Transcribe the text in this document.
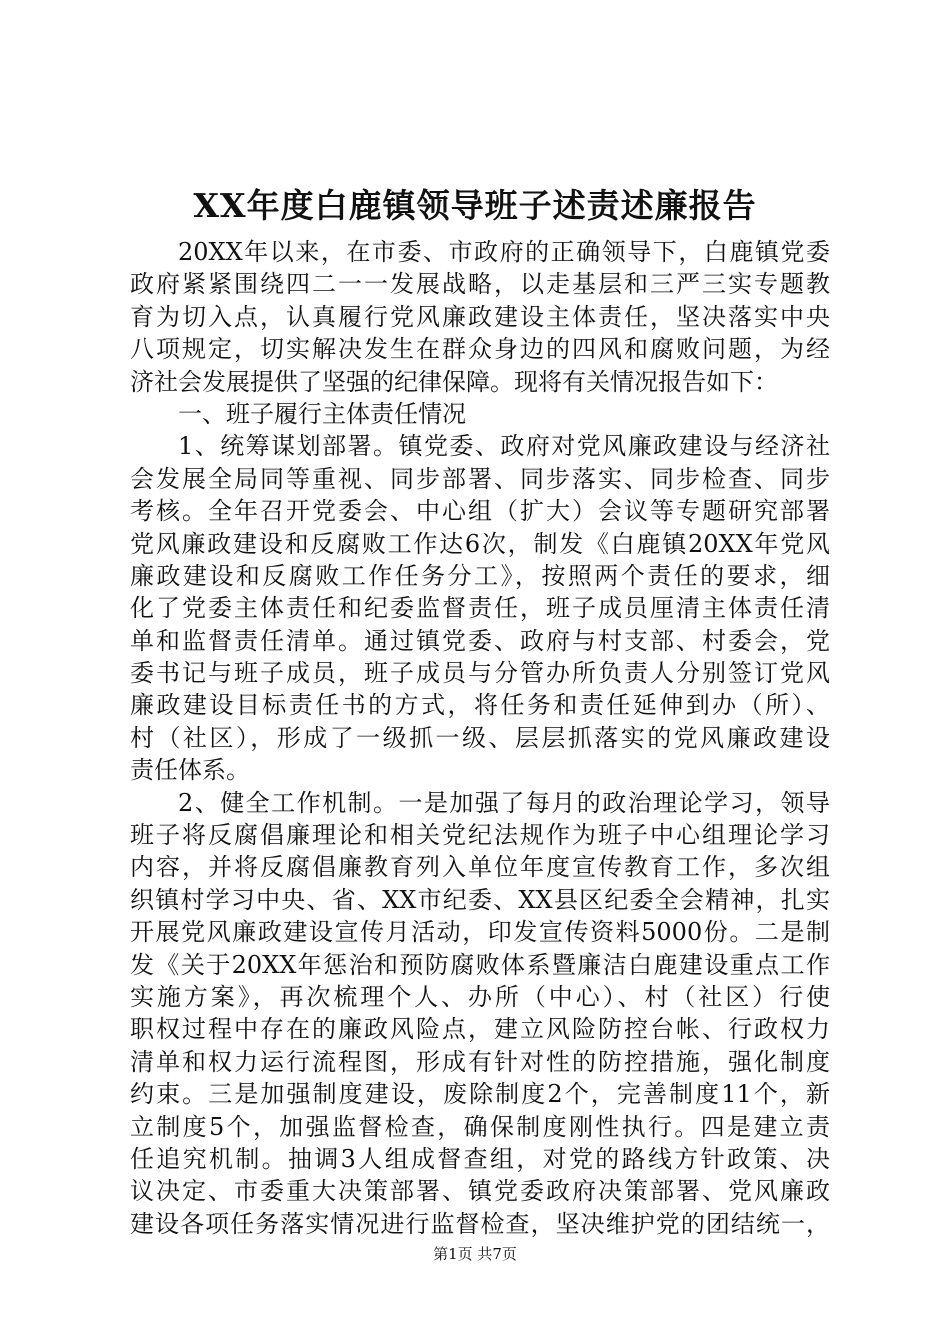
XX年度白鹿镇领导班子述责述廉报告
20XX年以来，在市委、市政府的正确领导下，白鹿镇党委
政府紧紧围绕四二一一发展战略，以走基层和三严三实专题教
育为切入点，认真履行党风廉政建设主体责任，坚决落实中央
八项规定，切实解决发生在群众身边的四风和腐败问题，为经
济社会发展提供了坚强的纪律保障。现将有关情况报告如下：
一、班子履行主体责任情况
1、统筹谋划部署。镇党委、政府对党风廉政建设与经济社
会发展全局同等重视、同步部署、同步落实、同步检查、同步
考核。全年召开党委会、中心组（扩大）会议等专题研究部署
党风廉政建设和反腐败工作达6次，制发《白鹿镇20XX年党风
廉政建设和反腐败工作任务分工》，按照两个责任的要求，细
化了党委主体责任和纪委监督责任，班子成员厘清主体责任清
单和监督责任清单。通过镇党委、政府与村支部、村委会，党
委书记与班子成员，班子成员与分管办所负责人分别签订党风
廉政建设目标责任书的方式，将任务和责任延伸到办（所）、
村（社区），形成了一级抓一级、层层抓落实的党风廉政建设
责任体系。
2、健全工作机制。一是加强了每月的政治理论学习，领导
班子将反腐倡廉理论和相关党纪法规作为班子中心组理论学习
内容，并将反腐倡廉教育列入单位年度宣传教育工作，多次组
织镇村学习中央、省、XX市纪委、XX县区纪委全会精神，扎实
开展党风廉政建设宣传月活动，印发宣传资料5000份。二是制
发《关于20XX年惩治和预防腐败体系暨廉洁白鹿建设重点工作
实施方案》，再次梳理个人、办所（中心）、村（社区）行使
职权过程中存在的廉政风险点，建立风险防控台帐、行政权力
清单和权力运行流程图，形成有针对性的防控措施，强化制度
约束。三是加强制度建设，废除制度2个，完善制度11个，新
立制度5个，加强监督检查，确保制度刚性执行。四是建立责
任追究机制。抽调3人组成督查组，对党的路线方针政策、决
议决定、市委重大决策部署、镇党委政府决策部署、党风廉政
建设各项任务落实情况进行监督检查，坚决维护党的团结统一，
第1页 共7页
